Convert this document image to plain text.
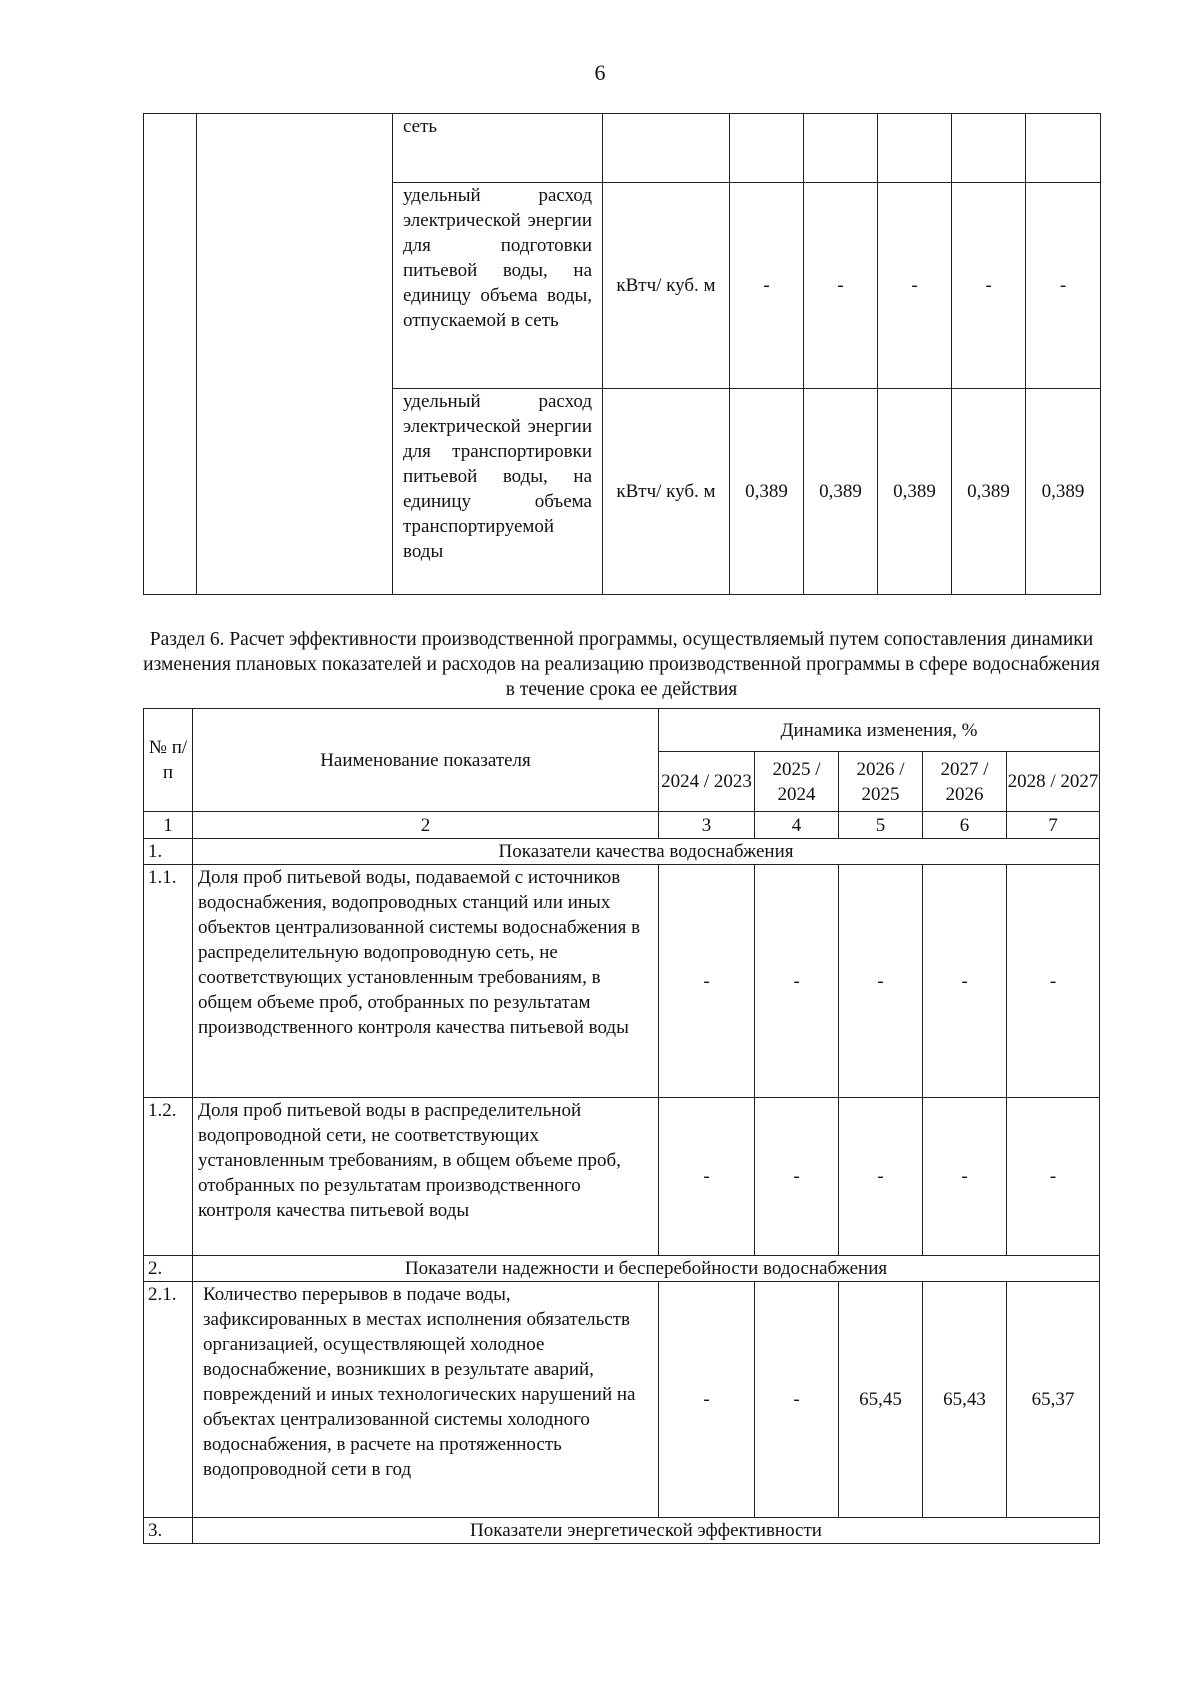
6
		сеть						
		удельный расход электрической энергии для подготовки питьевой воды, на единицу объема воды, отпускаемой в сеть	кВтч/ куб. м	-	-	-	-	-
		удельный расход электрической энергии для транспортировки питьевой воды, на единицу объема транспортируемой воды	кВтч/ куб. м	0,389	0,389	0,389	0,389	0,389
Раздел 6. Расчет эффективности производственной программы, осуществляемый путем сопоставления динамики изменения плановых показателей и расходов на реализацию производственной программы в сфере водоснабжения в течение срока ее действия
№ п/п	Наименование показателя	Динамика изменения, %				
		2024 / 2023	2025 / 2024	2026 / 2025	2027 / 2026	2028 / 2027
1	2	3	4	5	6	7
1.	Показатели качества водоснабжения					
1.1.	Доля проб питьевой воды, подаваемой с источников водоснабжения, водопроводных станций или иных объектов централизованной системы водоснабжения в распределительную водопроводную сеть, не соответствующих установленным требованиям, в общем объеме проб, отобранных по результатам производственного контроля качества питьевой воды	-	-	-	-	-
1.2.	Доля проб питьевой воды в распределительной водопроводной сети, не соответствующих установленным требованиям, в общем объеме проб, отобранных по результатам производственного контроля качества питьевой воды	-	-	-	-	-
2.	Показатели надежности и бесперебойности водоснабжения					
2.1.	Количество перерывов в подаче воды, зафиксированных в местах исполнения обязательств организацией, осуществляющей холодное водоснабжение, возникших в результате аварий, повреждений и иных технологических нарушений на объектах централизованной системы холодного водоснабжения, в расчете на протяженность водопроводной сети в год	-	-	65,45	65,43	65,37
3.	Показатели энергетической эффективности					
